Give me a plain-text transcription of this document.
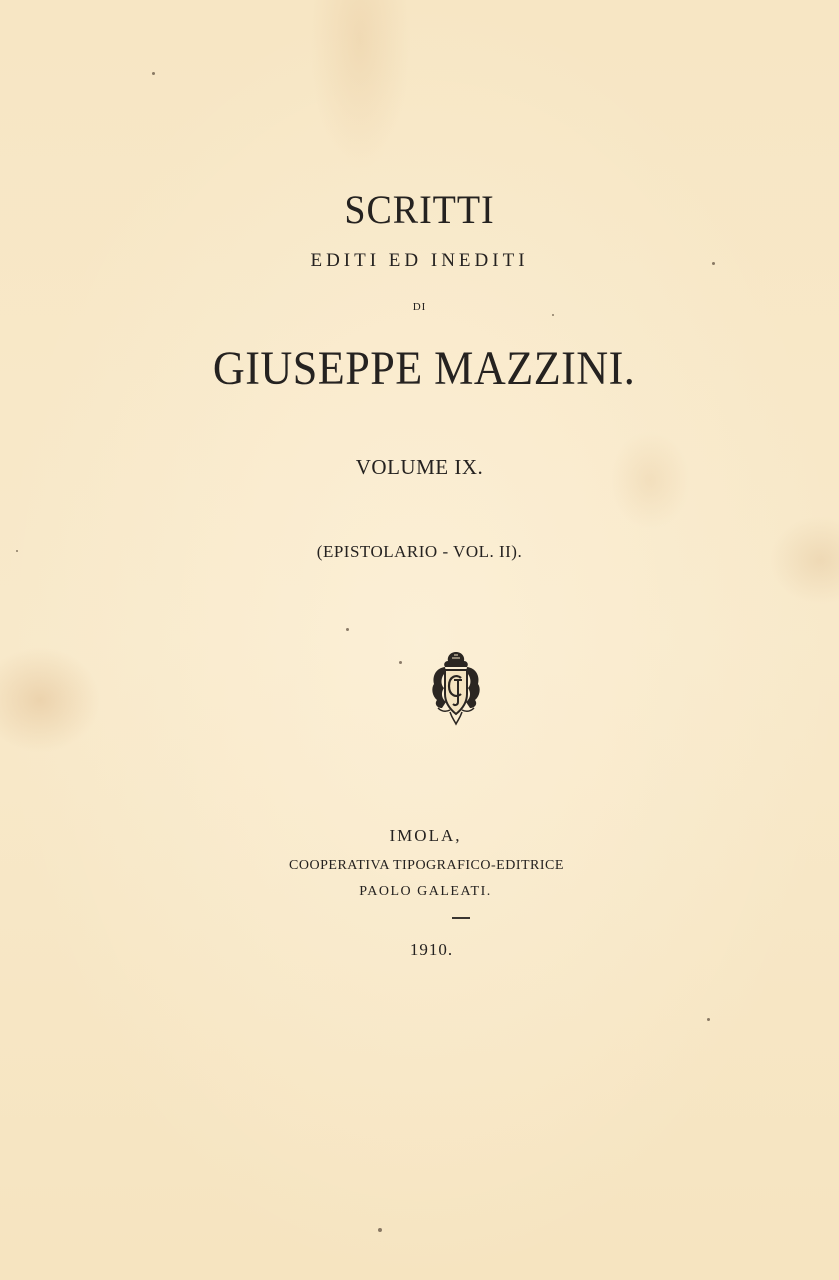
SCRITTI
EDITI ED INEDITI
DI
GIUSEPPE MAZZINI.
VOLUME IX.
(EPISTOLARIO - VOL. II).
IMOLA,
COOPERATIVA TIPOGRAFICO-EDITRICE
PAOLO GALEATI.
1910.
